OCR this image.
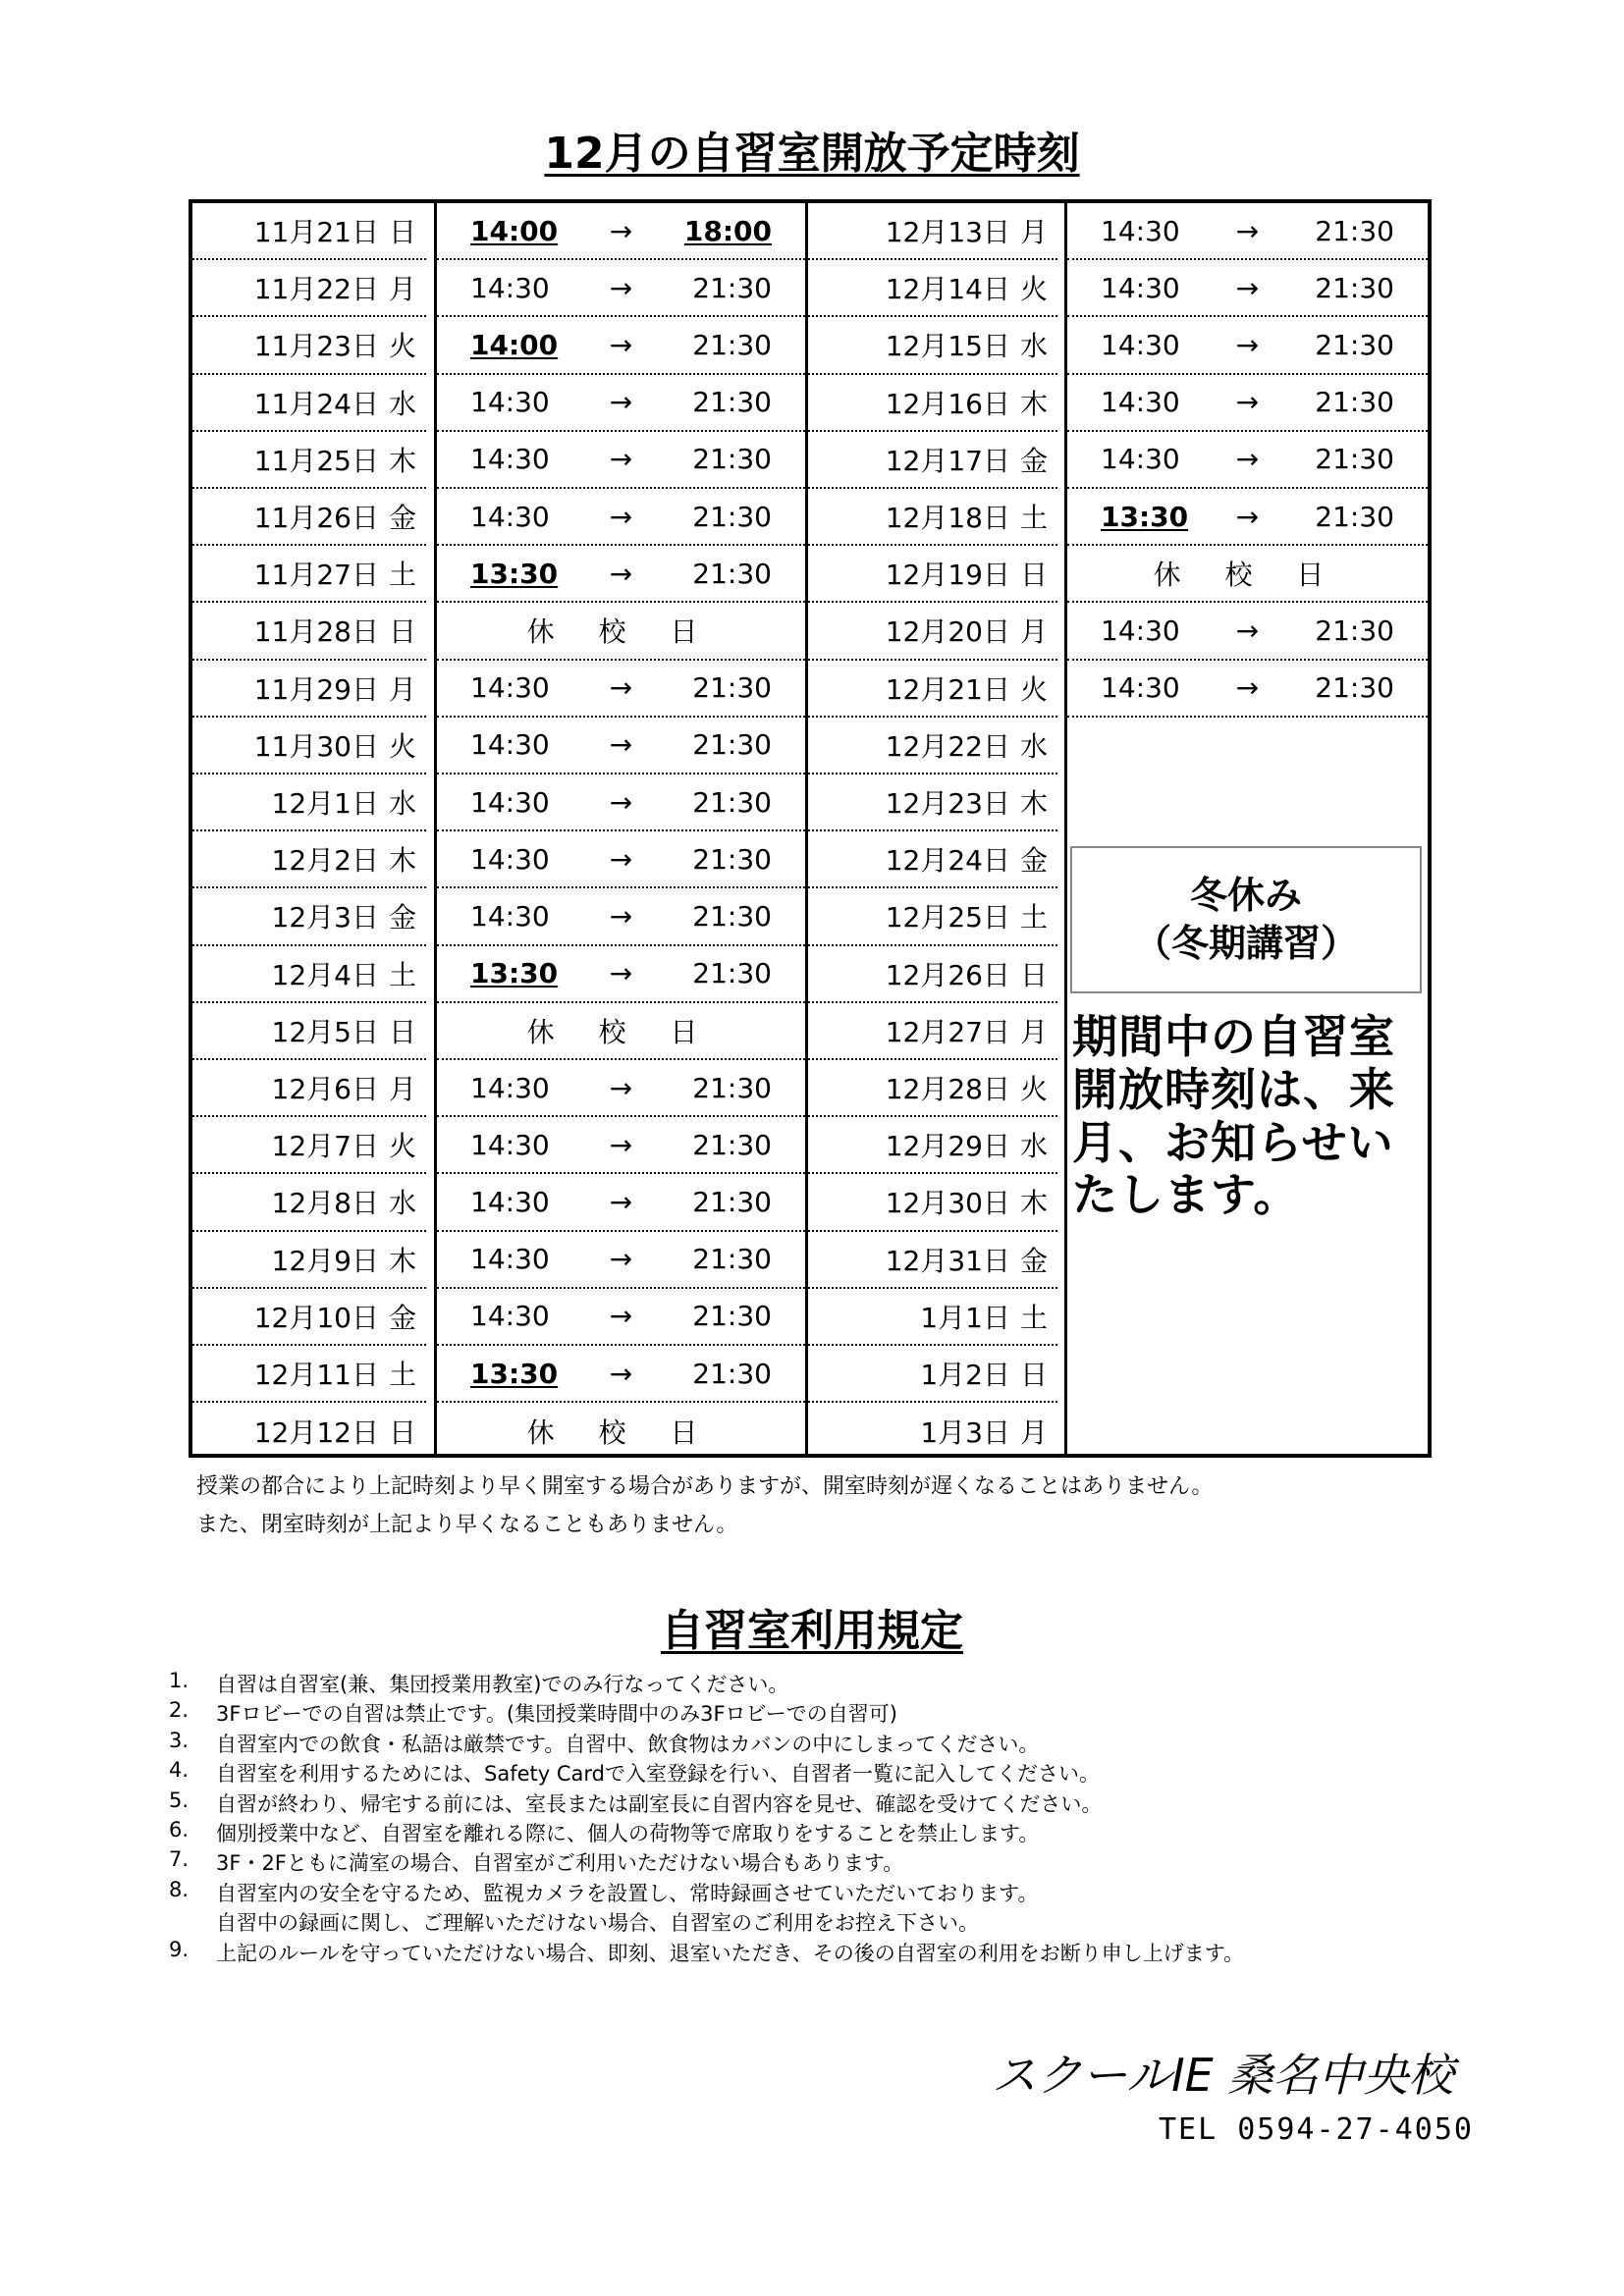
12月の自習室開放予定時刻
11月21日 日	14:00	→	18:00
11月22日 月	14:30	→	21:30
11月23日 火	14:00	→	21:30
11月24日 水	14:30	→	21:30
11月25日 木	14:30	→	21:30
11月26日 金	14:30	→	21:30
11月27日 土	13:30	→	21:30
11月28日 日	休 校 日
11月29日 月	14:30	→	21:30
11月30日 火	14:30	→	21:30
12月1日 水	14:30	→	21:30
12月2日 木	14:30	→	21:30
12月3日 金	14:30	→	21:30
12月4日 土	13:30	→	21:30
12月5日 日	休 校 日
12月6日 月	14:30	→	21:30
12月7日 火	14:30	→	21:30
12月8日 水	14:30	→	21:30
12月9日 木	14:30	→	21:30
12月10日 金	14:30	→	21:30
12月11日 土	13:30	→	21:30
12月12日 日	休 校 日
12月13日 月	14:30	→	21:30
12月14日 火	14:30	→	21:30
12月15日 水	14:30	→	21:30
12月16日 木	14:30	→	21:30
12月17日 金	14:30	→	21:30
12月18日 土	13:30	→	21:30
12月19日 日	休 校 日
12月20日 月	14:30	→	21:30
12月21日 火	14:30	→	21:30
12月22日 水
12月23日 木
12月24日 金
12月25日 土
12月26日 日
12月27日 月
12月28日 火
12月29日 水
12月30日 木
12月31日 金
1月1日 土
1月2日 日
1月3日 月
冬休み
（冬期講習）
期間中の自習室開放時刻は、来月、お知らせいたします。
授業の都合により上記時刻より早く開室する場合がありますが、開室時刻が遅くなることはありません。
また、閉室時刻が上記より早くなることもありません。
自習室利用規定
1.	自習は自習室(兼、集団授業用教室)でのみ行なってください。
2.	3Fロビーでの自習は禁止です。(集団授業時間中のみ3Fロビーでの自習可)
3.	自習室内での飲食・私語は厳禁です。自習中、飲食物はカバンの中にしまってください。
4.	自習室を利用するためには、Safety Cardで入室登録を行い、自習者一覧に記入してください。
5.	自習が終わり、帰宅する前には、室長または副室長に自習内容を見せ、確認を受けてください。
6.	個別授業中など、自習室を離れる際に、個人の荷物等で席取りをすることを禁止します。
7.	3F・2Fともに満室の場合、自習室がご利用いただけない場合もあります。
8.	自習室内の安全を守るため、監視カメラを設置し、常時録画させていただいております。
自習中の録画に関し、ご理解いただけない場合、自習室のご利用をお控え下さい。
9.	上記のルールを守っていただけない場合、即刻、退室いただき、その後の自習室の利用をお断り申し上げます。
スクールIE 桑名中央校
TEL 0594-27-4050
